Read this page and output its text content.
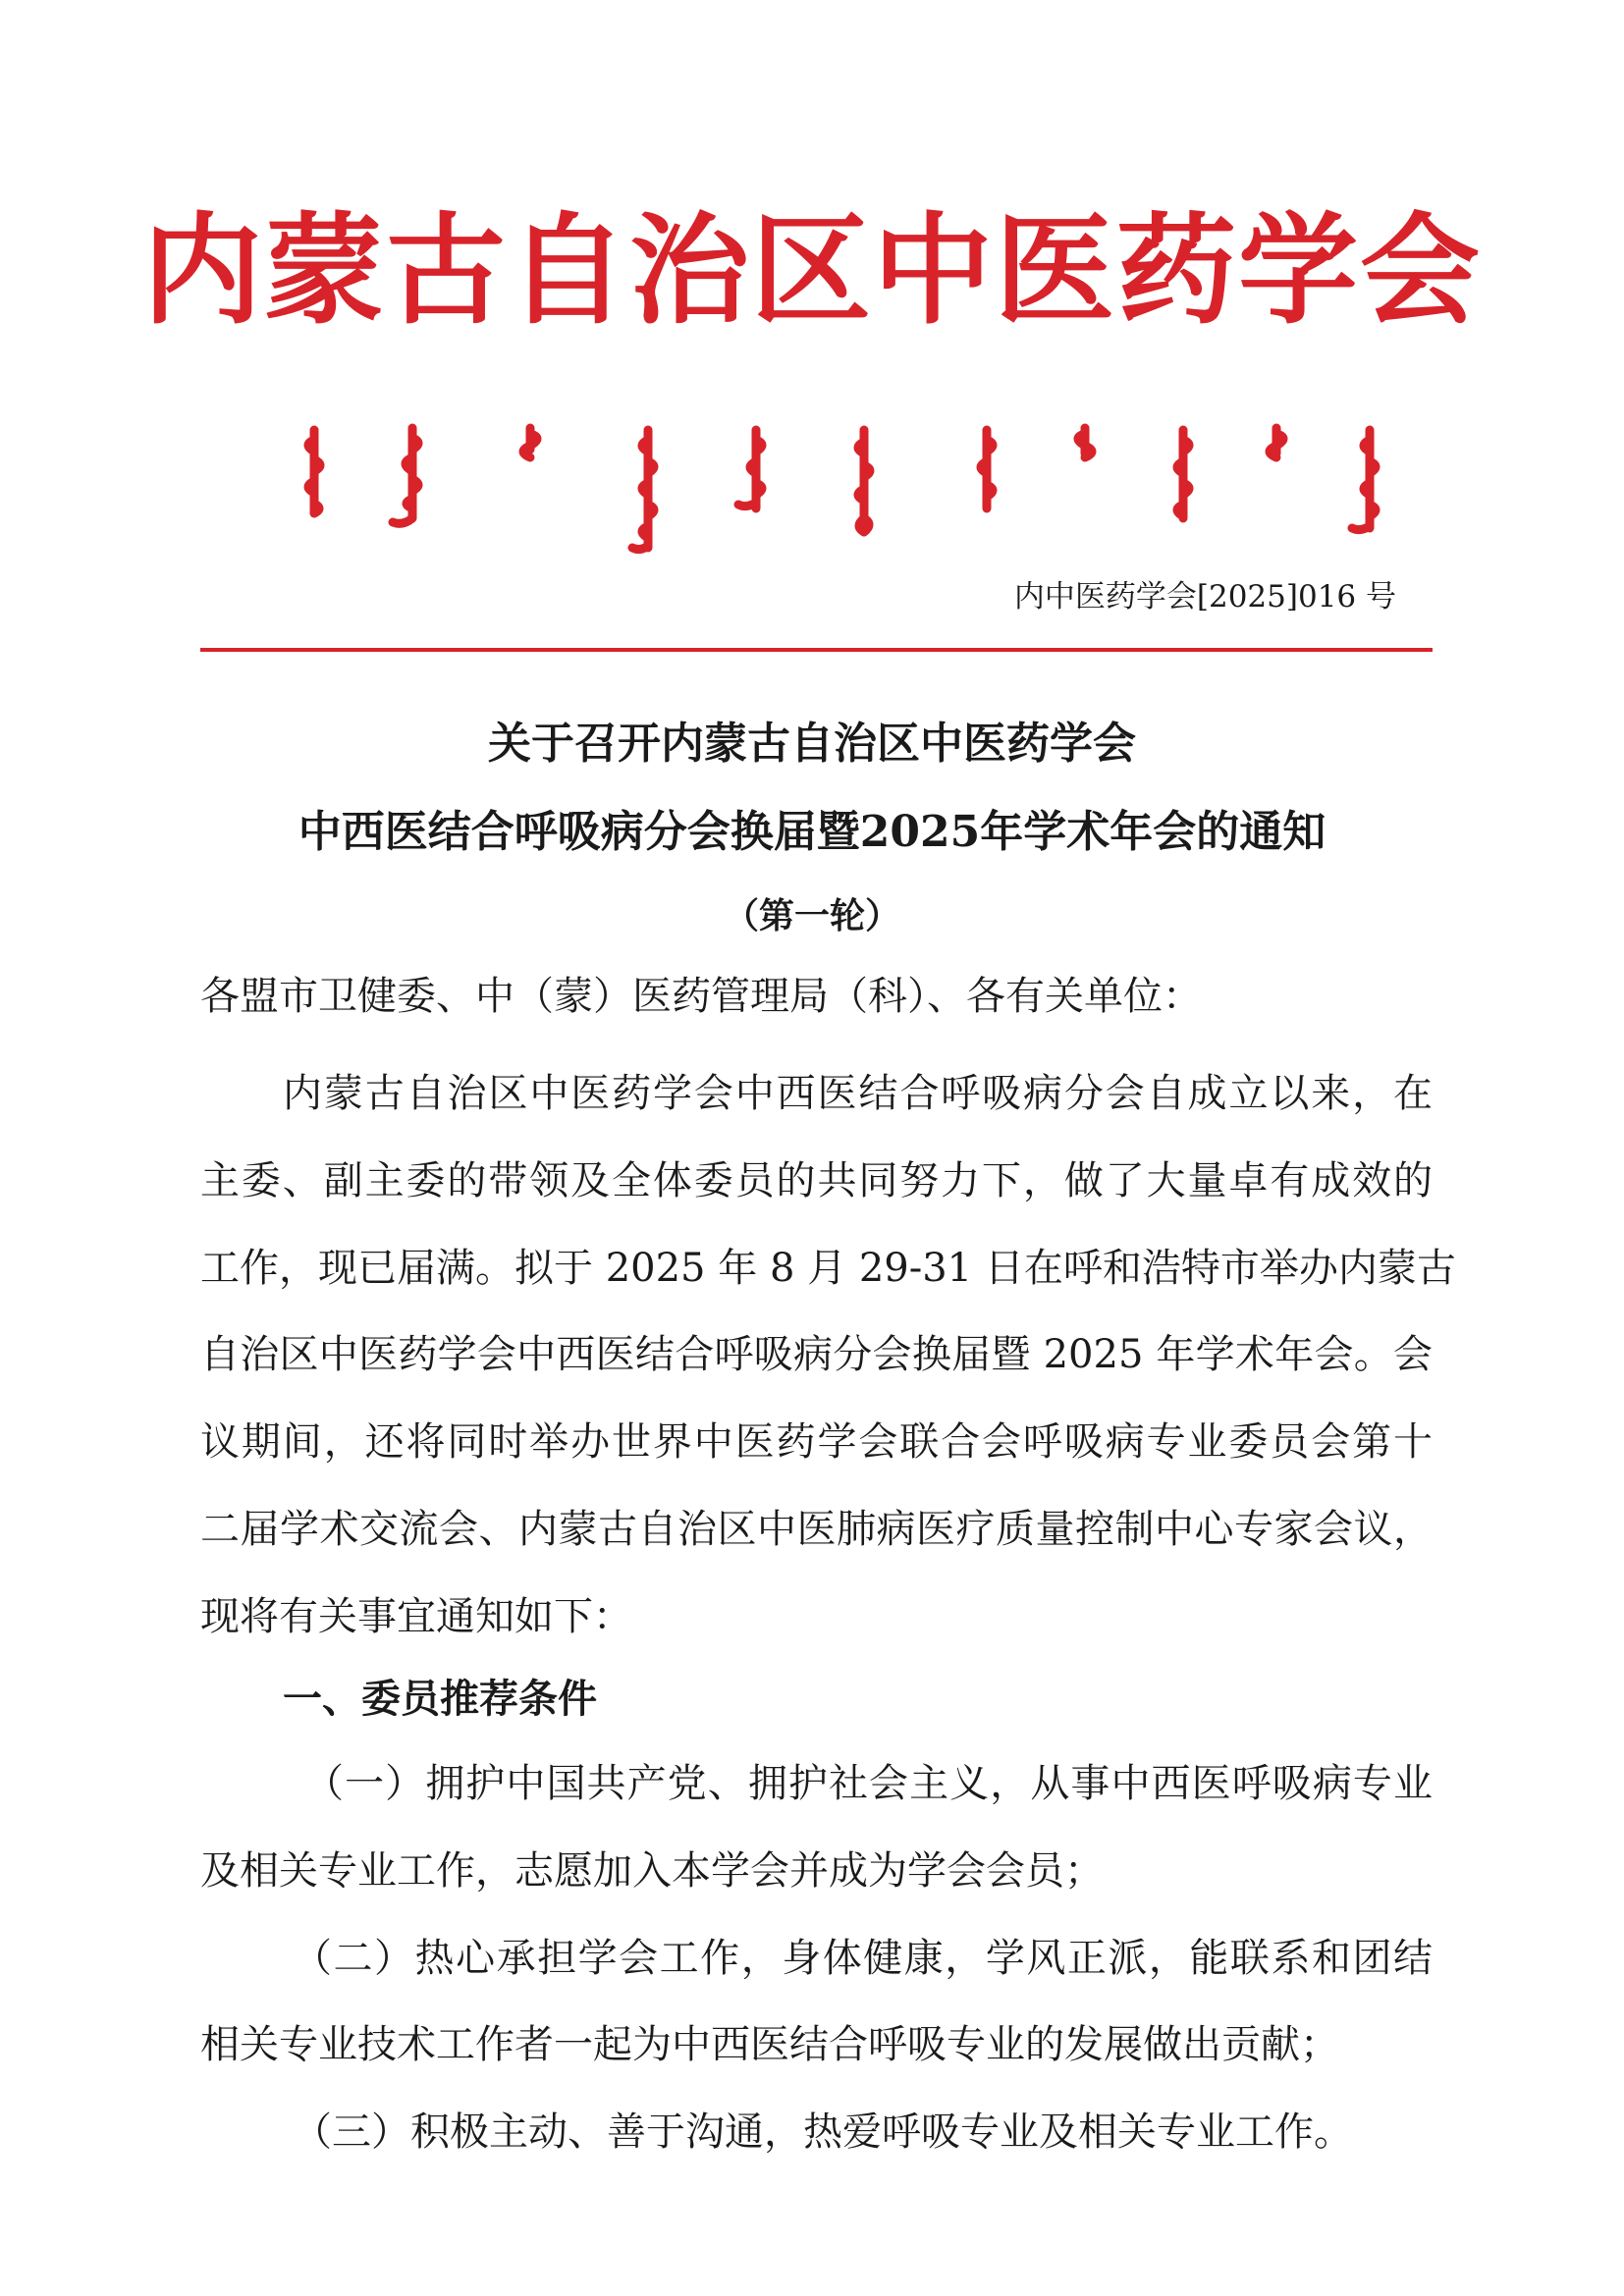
内蒙古自治区中医药学会
内中医药学会[2025]016 号
关于召开内蒙古自治区中医药学会
中西医结合呼吸病分会换届暨2025年学术年会的通知
（第一轮）
各盟市卫健委、中（蒙）医药管理局（科）、各有关单位：
内蒙古自治区中医药学会中西医结合呼吸病分会自成立以来，在
主委、副主委的带领及全体委员的共同努力下，做了大量卓有成效的
工作，现已届满。拟于 2025 年 8 月 29-31 日在呼和浩特市举办内蒙古
自治区中医药学会中西医结合呼吸病分会换届暨 2025 年学术年会。会
议期间，还将同时举办世界中医药学会联合会呼吸病专业委员会第十
二届学术交流会、内蒙古自治区中医肺病医疗质量控制中心专家会议，
现将有关事宜通知如下：
一、委员推荐条件
（一）拥护中国共产党、拥护社会主义，从事中西医呼吸病专业
及相关专业工作，志愿加入本学会并成为学会会员；
（二）热心承担学会工作，身体健康，学风正派，能联系和团结
相关专业技术工作者一起为中西医结合呼吸专业的发展做出贡献；
（三）积极主动、善于沟通，热爱呼吸专业及相关专业工作。
